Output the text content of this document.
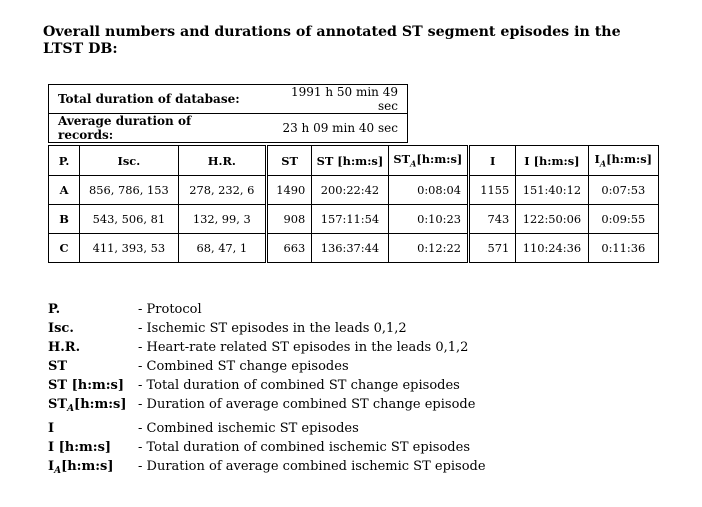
Overall numbers and durations of annotated ST segment episodes in the LTST DB:
Total duration of database:	1991 h 50 min 49 sec
Average duration of records:	23 h 09 min 40 sec
P.	Isc.	H.R.	ST	ST [h:m:s]	$ST_A[h:m:s]$	I	I [h:m:s]	$I_A[h:m:s]$
A	856, 786, 153	278, 232, 6	1490	200:22:42	0:08:04	1155	151:40:12	0:07:53
B	543, 506, 81	132, 99, 3	908	157:11:54	0:10:23	743	122:50:06	0:09:55
C	411, 393, 53	68, 47, 1	663	136:37:44	0:12:22	571	110:24:36	0:11:36
P.	- Protocol
Isc.	- Ischemic ST episodes in the leads 0,1,2
H.R.	- Heart-rate related ST episodes in the leads 0,1,2
ST	- Combined ST change episodes
ST [h:m:s]	- Total duration of combined ST change episodes
$ST_A[h:m:s]$ - Duration of average combined ST change episode
I	- Combined ischemic ST episodes
I [h:m:s]	- Total duration of combined ischemic ST episodes
$I_A[h:m:s]$	- Duration of average combined ischemic ST episode
